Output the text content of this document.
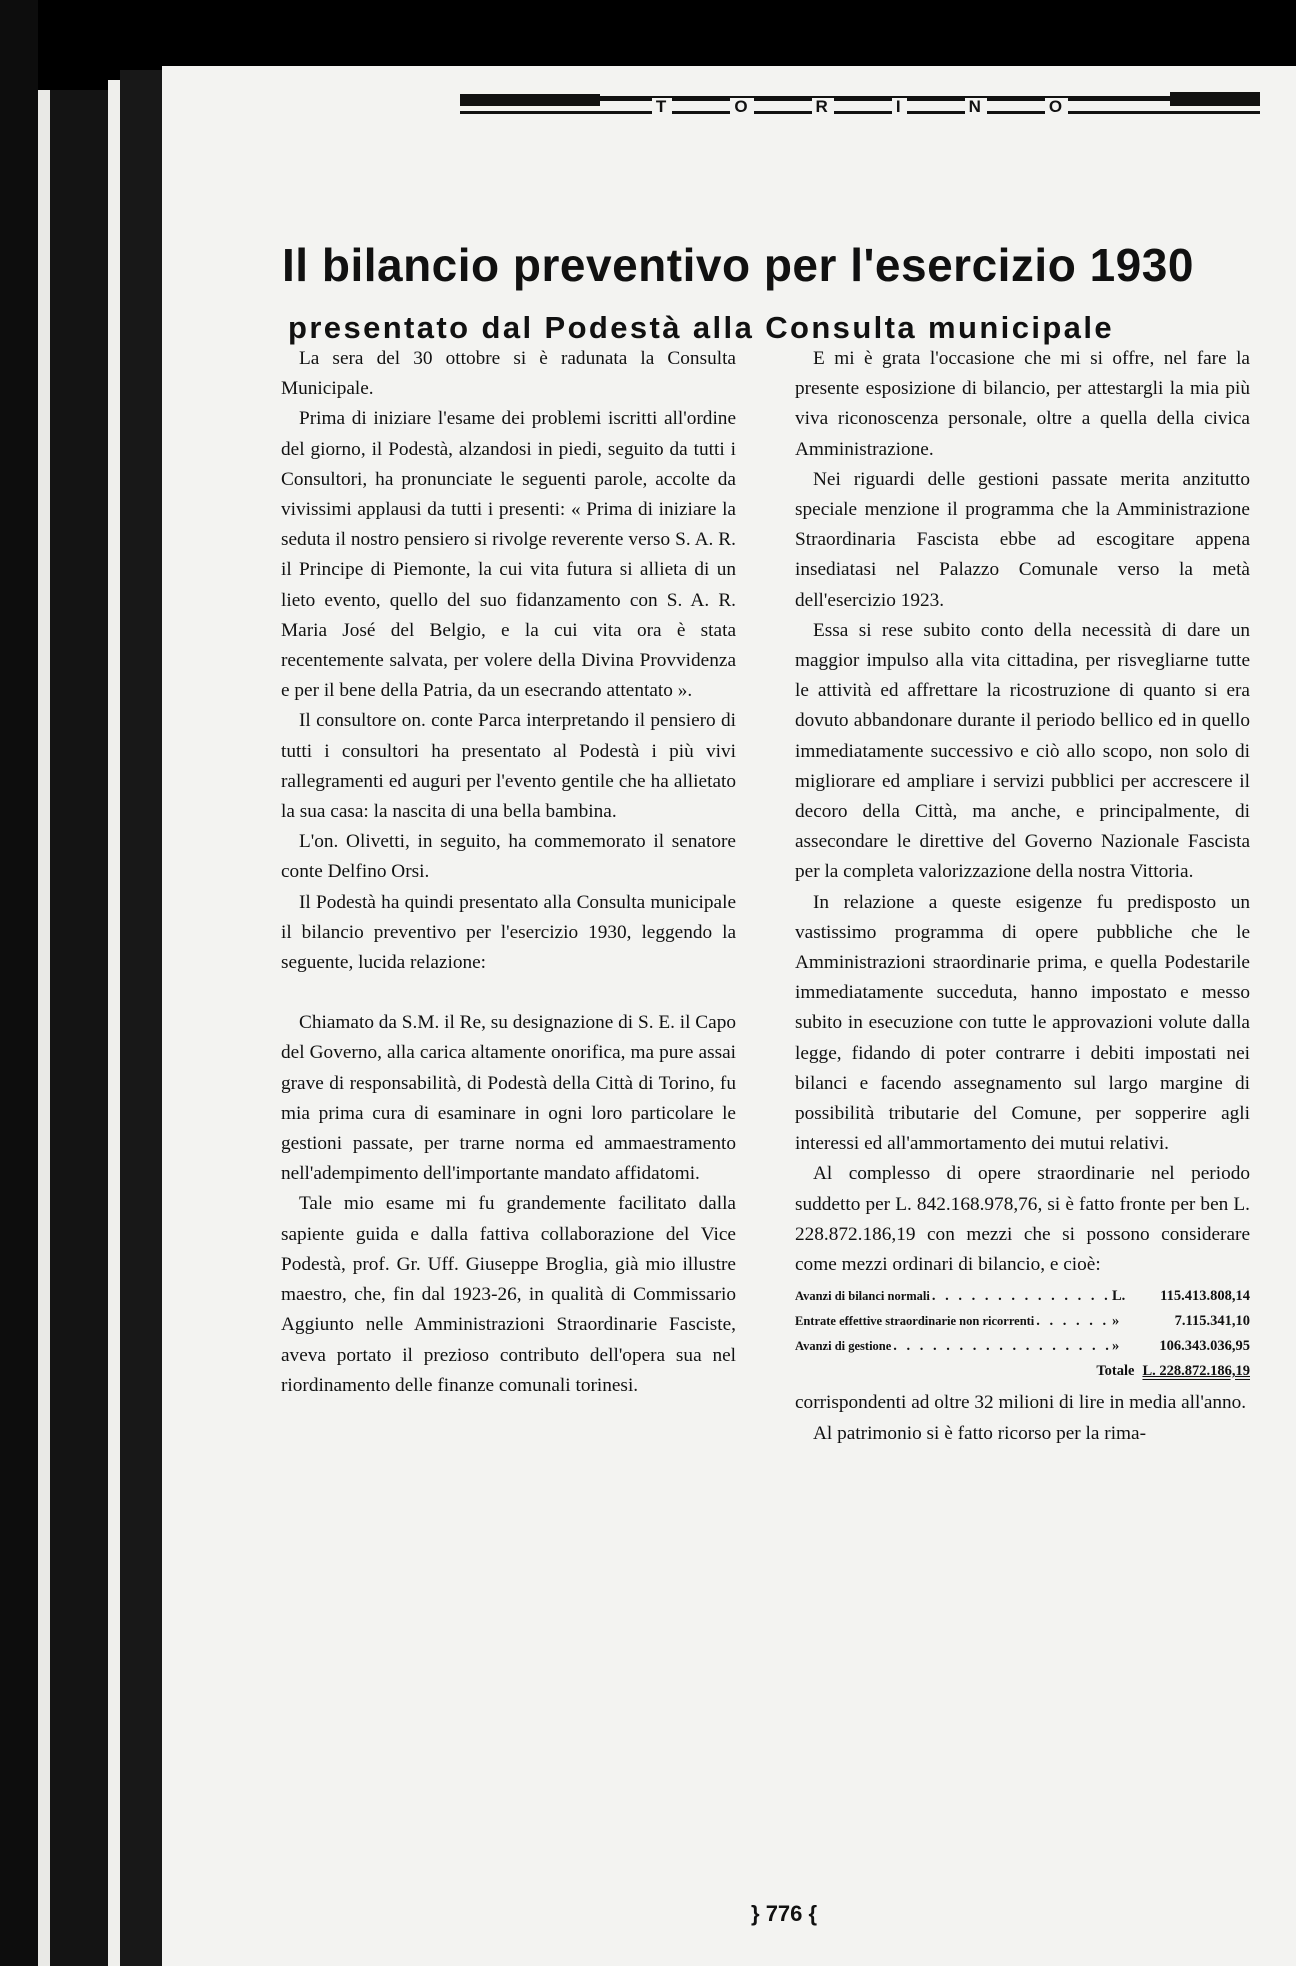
T	O	R	I	N	O
Il bilancio preventivo per l'esercizio 1930
presentato dal Podestà alla Consulta municipale

La sera del 30 ottobre si è radunata la Consulta Municipale.

Prima di iniziare l'esame dei problemi iscritti all'ordine del giorno, il Podestà, alzandosi in piedi, seguito da tutti i Consultori, ha pronunciate le seguenti parole, accolte da vivissimi applausi da tutti i presenti: « Prima di iniziare la seduta il nostro pensiero si rivolge reverente verso S. A. R. il Principe di Piemonte, la cui vita futura si allieta di un lieto evento, quello del suo fidanzamento con S. A. R. Maria José del Belgio, e la cui vita ora è stata recentemente salvata, per volere della Divina Provvidenza e per il bene della Patria, da un esecrando attentato ».

Il consultore on. conte Parca interpretando il pensiero di tutti i consultori ha presentato al Podestà i più vivi rallegramenti ed auguri per l'evento gentile che ha allietato la sua casa: la nascita di una bella bambina.

L'on. Olivetti, in seguito, ha commemorato il senatore conte Delfino Orsi.

Il Podestà ha quindi presentato alla Consulta municipale il bilancio preventivo per l'esercizio 1930, leggendo la seguente, lucida relazione:

Chiamato da S.M. il Re, su designazione di S. E. il Capo del Governo, alla carica altamente onorifica, ma pure assai grave di responsabilità, di Podestà della Città di Torino, fu mia prima cura di esaminare in ogni loro particolare le gestioni passate, per trarne norma ed ammaestramento nell'adempimento dell'importante mandato affidatomi.

Tale mio esame mi fu grandemente facilitato dalla sapiente guida e dalla fattiva collaborazione del Vice Podestà, prof. Gr. Uff. Giuseppe Broglia, già mio illustre maestro, che, fin dal 1923-26, in qualità di Commissario Aggiunto nelle Amministrazioni Straordinarie Fasciste, aveva portato il prezioso contributo dell'opera sua nel riordinamento delle finanze comunali torinesi.

E mi è grata l'occasione che mi si offre, nel fare la presente esposizione di bilancio, per attestargli la mia più viva riconoscenza personale, oltre a quella della civica Amministrazione.

Nei riguardi delle gestioni passate merita anzitutto speciale menzione il programma che la Amministrazione Straordinaria Fascista ebbe ad escogitare appena insediatasi nel Palazzo Comunale verso la metà dell'esercizio 1923.

Essa si rese subito conto della necessità di dare un maggior impulso alla vita cittadina, per risvegliarne tutte le attività ed affrettare la ricostruzione di quanto si era dovuto abbandonare durante il periodo bellico ed in quello immediatamente successivo e ciò allo scopo, non solo di migliorare ed ampliare i servizi pubblici per accrescere il decoro della Città, ma anche, e principalmente, di assecondare le direttive del Governo Nazionale Fascista per la completa valorizzazione della nostra Vittoria.

In relazione a queste esigenze fu predisposto un vastissimo programma di opere pubbliche che le Amministrazioni straordinarie prima, e quella Podestarile immediatamente succeduta, hanno impostato e messo subito in esecuzione con tutte le approvazioni volute dalla legge, fidando di poter contrarre i debiti impostati nei bilanci e facendo assegnamento sul largo margine di possibilità tributarie del Comune, per sopperire agli interessi ed all'ammortamento dei mutui relativi.

Al complesso di opere straordinarie nel periodo suddetto per L. 842.168.978,76, si è fatto fronte per ben L. 228.872.186,19 con mezzi che si possono considerare come mezzi ordinari di bilancio, e cioè:

Avanzi di bilanci normali . . .	L.	115.413.808,14
Entrate effettive straordinarie non ricorrenti . . .	»	7.115.341,10
Avanzi di gestione . . .	»	106.343.036,95
Totale L. 228.872.186,19

corrispondenti ad oltre 32 milioni di lire in media all'anno.

Al patrimonio si è fatto ricorso per la rima-

} 776 {
